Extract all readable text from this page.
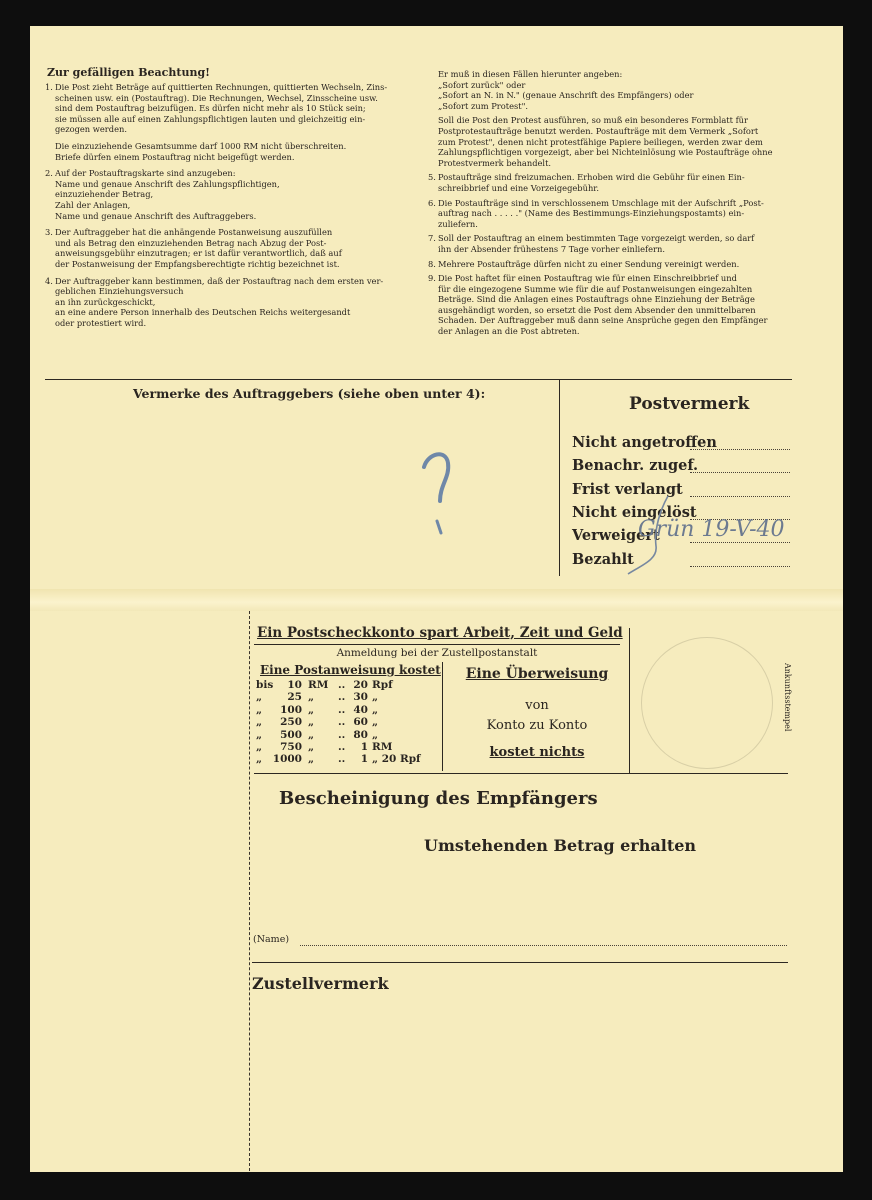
Zur gefälligen Beachtung!
1. Die Post zieht Beträge auf quittierten Rechnungen, quittierten Wechseln, Zins-
scheinen usw. ein (Postauftrag). Die Rechnungen, Wechsel, Zinsscheine usw.
sind dem Postauftrag beizufügen. Es dürfen nicht mehr als 10 Stück sein;
sie müssen alle auf einen Zahlungspflichtigen lauten und gleichzeitig ein-
gezogen werden.
Die einzuziehende Gesamtsumme darf 1000 RM nicht überschreiten.
Briefe dürfen einem Postauftrag nicht beigefügt werden.
2. Auf der Postauftragskarte sind anzugeben:
Name und genaue Anschrift des Zahlungspflichtigen,
einzuziehender Betrag,
Zahl der Anlagen,
Name und genaue Anschrift des Auftraggebers.
3. Der Auftraggeber hat die anhängende Postanweisung auszufüllen
und als Betrag den einzuziehenden Betrag nach Abzug der Post-
anweisungsgebühr einzutragen; er ist dafür verantwortlich, daß auf
der Postanweisung der Empfangsberechtigte richtig bezeichnet ist.
4. Der Auftraggeber kann bestimmen, daß der Postauftrag nach dem ersten ver-
geblichen Einziehungsversuch
an ihn zurückgeschickt,
an eine andere Person innerhalb des Deutschen Reichs weitergesandt
oder protestiert wird.
Er muß in diesen Fällen hierunter angeben:
„Sofort zurück" oder
„Sofort an N. in N." (genaue Anschrift des Empfängers) oder
„Sofort zum Protest".
Soll die Post den Protest ausführen, so muß ein besonderes Formblatt für
Postprotestaufträge benutzt werden. Postaufträge mit dem Vermerk „Sofort
zum Protest", denen nicht protestfähige Papiere beiliegen, werden zwar dem
Zahlungspflichtigen vorgezeigt, aber bei Nichteinlösung wie Postaufträge ohne
Protestvermerk behandelt.
5. Postaufträge sind freizumachen. Erhoben wird die Gebühr für einen Ein-
schreibbrief und eine Vorzeigegebühr.
6. Die Postaufträge sind in verschlossenem Umschlage mit der Aufschrift „Post-
auftrag nach . . . . ." (Name des Bestimmungs-Einziehungspostamts) ein-
zuliefern.
7. Soll der Postauftrag an einem bestimmten Tage vorgezeigt werden, so darf
ihn der Absender frühestens 7 Tage vorher einliefern.
8. Mehrere Postaufträge dürfen nicht zu einer Sendung vereinigt werden.
9. Die Post haftet für einen Postauftrag wie für einen Einschreibbrief und
für die eingezogene Summe wie für die auf Postanweisungen eingezahlten
Beträge. Sind die Anlagen eines Postauftrags ohne Einziehung der Beträge
ausgehändigt worden, so ersetzt die Post dem Absender den unmittelbaren
Schaden. Der Auftraggeber muß dann seine Ansprüche gegen den Empfänger
der Anlagen an die Post abtreten.
Vermerke des Auftraggebers (siehe oben unter 4):
Postvermerk
Nicht angetroffen
Benachr. zugef.
Frist verlangt
Nicht eingelöst
Verweigert
Bezahlt
Grün 19-V-40
Ein Postscheckkonto spart Arbeit, Zeit und Geld
Anmeldung bei der Zustellpostanstalt
Eine Postanweisung kostet
bis	10 RM .. 20 Rpf
„	25 „	.. 30 „
„	100 „	.. 40 „
„	250 „	.. 60 „
„	500 „	.. 80 „
„	750 „	..	1 RM
„	1000 „	..	1 „ 20 Rpf
Eine Überweisung
von
Konto zu Konto
kostet nichts
Ankunftsstempel
Bescheinigung des Empfängers
Umstehenden Betrag erhalten
(Name)
Zustellvermerk
